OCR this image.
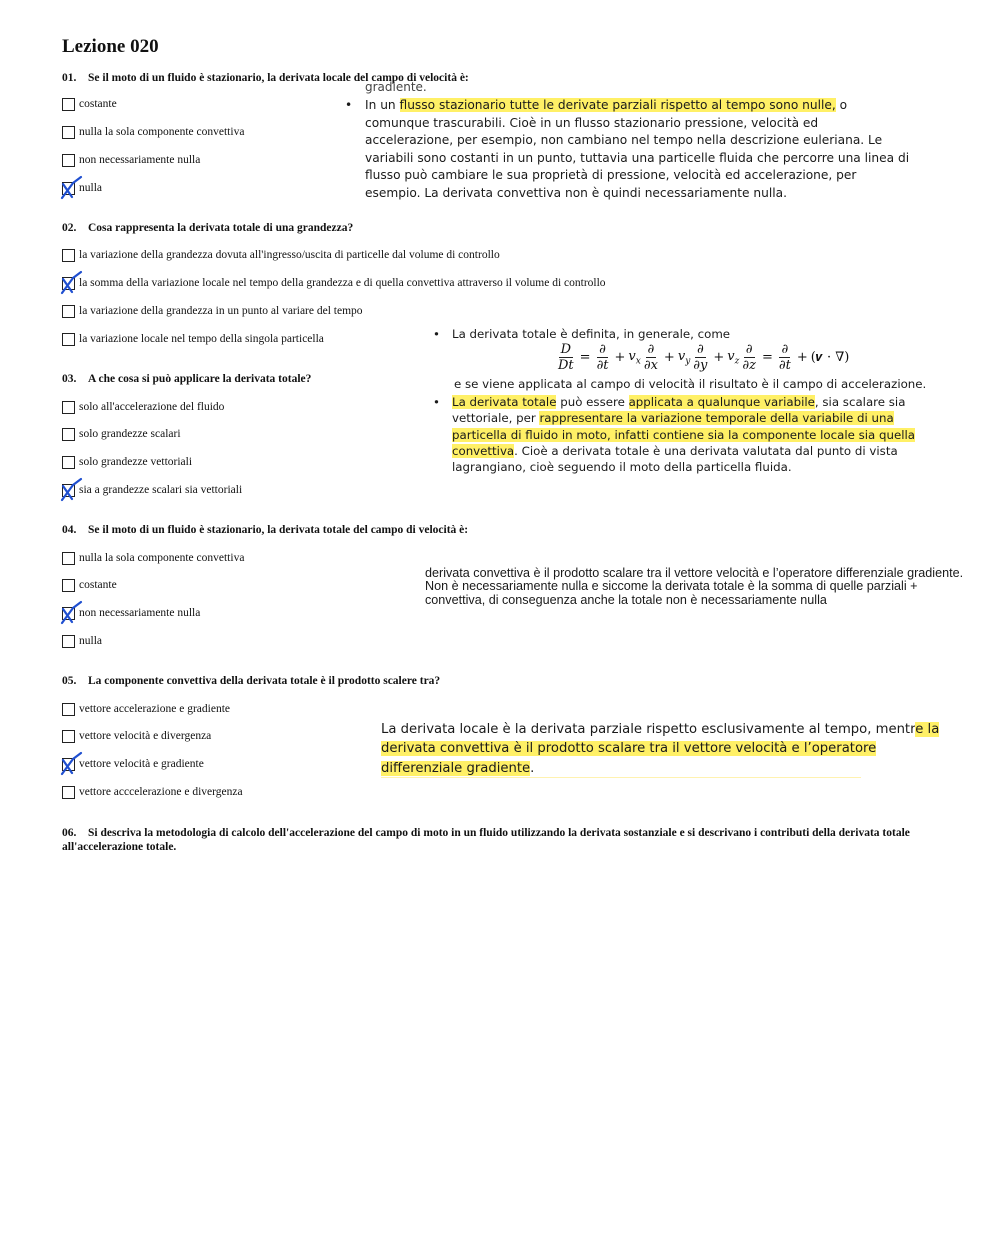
Lezione 020
01. Se il moto di un fluido è stazionario, la derivata locale del campo di velocità è:
costante
nulla la sola componente convettiva
non necessariamente nulla
nulla
02. Cosa rappresenta la derivata totale di una grandezza?
la variazione della grandezza dovuta all'ingresso/uscita di particelle dal volume di controllo
la somma della variazione locale nel tempo della grandezza e di quella convettiva attraverso il volume di controllo
la variazione della grandezza in un punto al variare del tempo
la variazione locale nel tempo della singola particella
03. A che cosa si può applicare la derivata totale?
solo all'accelerazione del fluido
solo grandezze scalari
solo grandezze vettoriali
sia a grandezze scalari sia vettoriali
04. Se il moto di un fluido è stazionario, la derivata totale del campo di velocità è:
nulla la sola componente convettiva
costante
non necessariamente nulla
nulla
05. La componente convettiva della derivata totale è il prodotto scalere tra?
vettore accelerazione e gradiente
vettore velocità e divergenza
vettore velocità e gradiente
vettore acccelerazione e divergenza
06. Si descriva la metodologia di calcolo dell'accelerazione del campo di moto in un fluido utilizzando la derivata sostanziale e si descrivano i contributi della derivata totale all'accelerazione totale.
gradiente.
• In un flusso stazionario tutte le derivate parziali rispetto al tempo sono nulle, o comunque trascurabili. Cioè in un flusso stazionario pressione, velocità ed accelerazione, per esempio, non cambiano nel tempo nella descrizione euleriana. Le variabili sono costanti in un punto, tuttavia una particelle fluida che percorre una linea di flusso può cambiare le sua proprietà di pressione, velocità ed accelerazione, per esempio. La derivata convettiva non è quindi necessariamente nulla.
• La derivata totale è definita, in generale, come
$\frac{D}{Dt} = \frac{\partial}{\partial t} + v_x \frac{\partial}{\partial x} + v_y \frac{\partial}{\partial y} + v_z \frac{\partial}{\partial z} = \frac{\partial}{\partial t}$ + (𝒗 · ∇)
e se viene applicata al campo di velocità il risultato è il campo di accelerazione.
• La derivata totale può essere applicata a qualunque variabile, sia scalare sia vettoriale, per rappresentare la variazione temporale della variabile di una particella di fluido in moto, infatti contiene sia la componente locale sia quella convettiva. Cioè a derivata totale è una derivata valutata dal punto di vista lagrangiano, cioè seguendo il moto della particella fluida.
derivata convettiva è il prodotto scalare tra il vettore velocità e l’operatore differenziale gradiente. Non è necessariamente nulla e siccome la derivata totale è la somma di quelle parziali + convettiva, di conseguenza anche la totale non è necessariamente nulla
La derivata locale è la derivata parziale rispetto esclusivamente al tempo, mentre la derivata convettiva è il prodotto scalare tra il vettore velocità e l’operatore differenziale gradiente.
